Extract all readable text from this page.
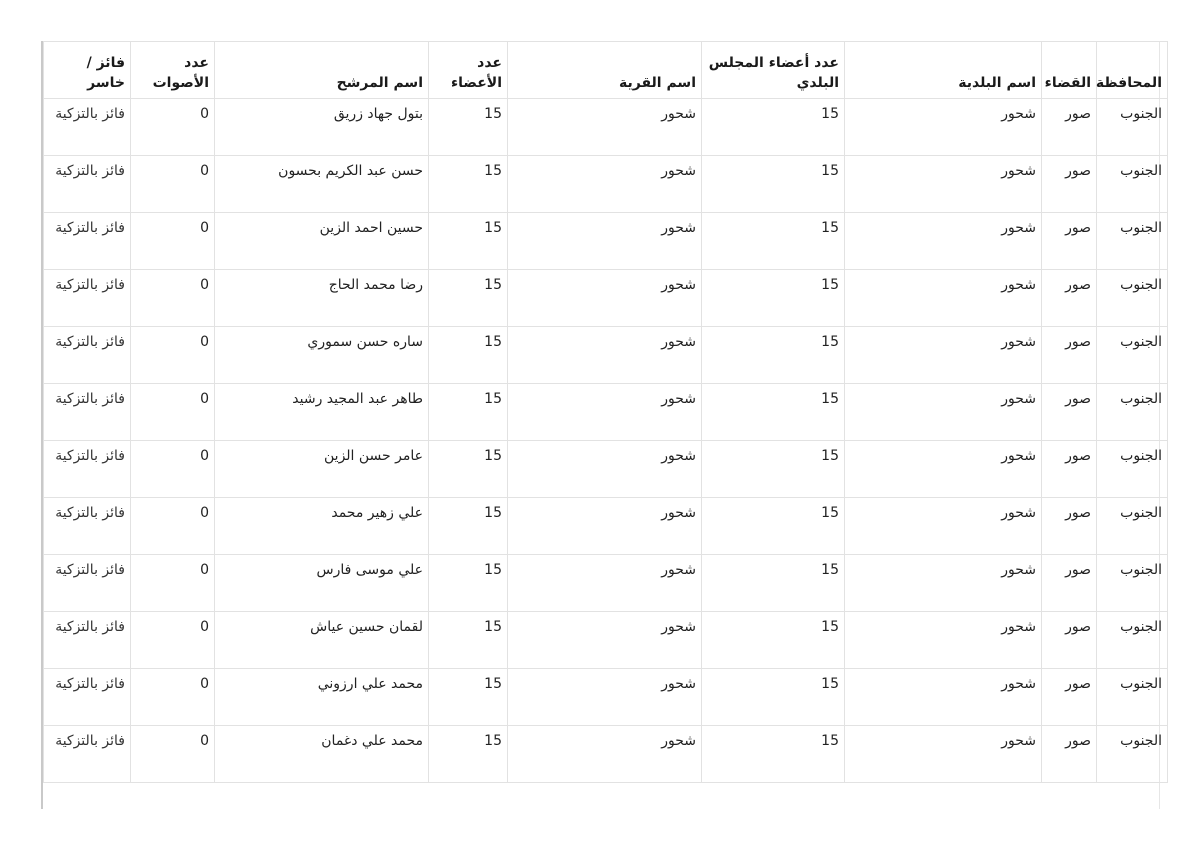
المحافظة	القضاء	اسم البلدية	عدد أعضاء المجلس البلدي	اسم القرية	عدد الأعضاء	اسم المرشح	عدد الأصوات	فائز / خاسر
الجنوب	صور	شحور	15	شحور	15	بتول جهاد زريق	0	فائز بالتزكية
الجنوب	صور	شحور	15	شحور	15	حسن عبد الكريم بحسون	0	فائز بالتزكية
الجنوب	صور	شحور	15	شحور	15	حسين احمد الزين	0	فائز بالتزكية
الجنوب	صور	شحور	15	شحور	15	رضا محمد الحاج	0	فائز بالتزكية
الجنوب	صور	شحور	15	شحور	15	ساره حسن سموري	0	فائز بالتزكية
الجنوب	صور	شحور	15	شحور	15	طاهر عبد المجيد رشيد	0	فائز بالتزكية
الجنوب	صور	شحور	15	شحور	15	عامر حسن الزين	0	فائز بالتزكية
الجنوب	صور	شحور	15	شحور	15	علي زهير محمد	0	فائز بالتزكية
الجنوب	صور	شحور	15	شحور	15	علي موسى فارس	0	فائز بالتزكية
الجنوب	صور	شحور	15	شحور	15	لقمان حسين عياش	0	فائز بالتزكية
الجنوب	صور	شحور	15	شحور	15	محمد علي ارزوني	0	فائز بالتزكية
الجنوب	صور	شحور	15	شحور	15	محمد علي دغمان	0	فائز بالتزكية
